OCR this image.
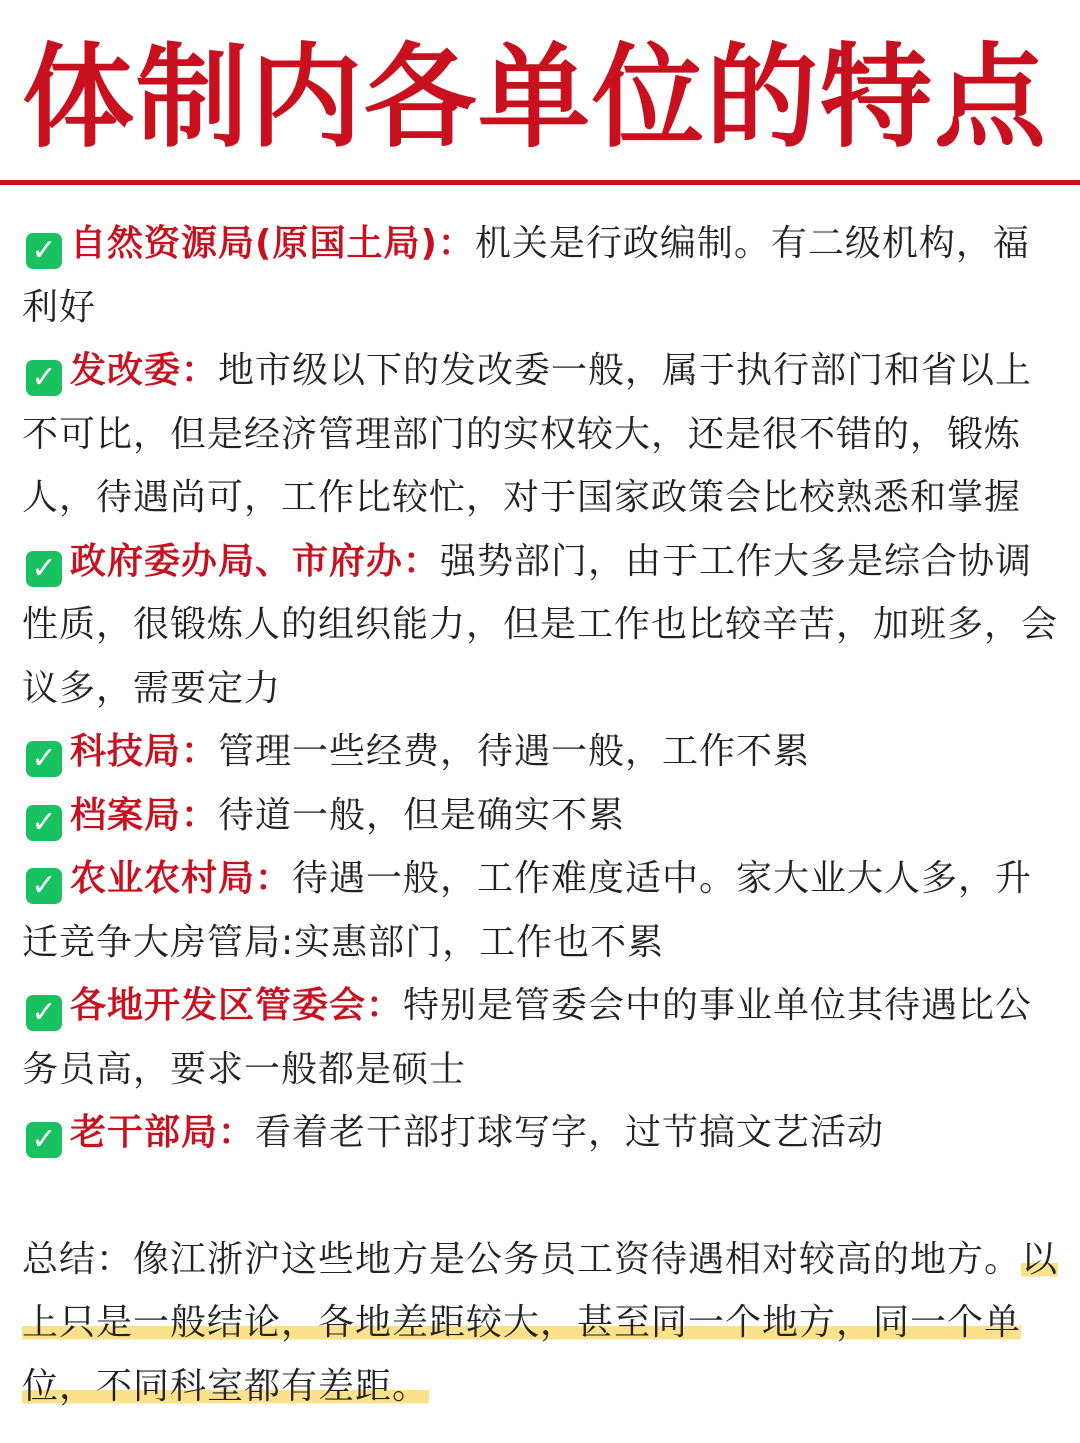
体制内各单位的特点

✓ 自然资源局(原国土局)：机关是行政编制。有二级机构，福利好

✓ 发改委：地市级以下的发改委一般，属于执行部门和省以上不可比，但是经济管理部门的实权较大，还是很不错的，锻炼人，待遇尚可，工作比较忙，对于国家政策会比校熟悉和掌握

✓ 政府委办局、市府办：强势部门，由于工作大多是综合协调性质，很锻炼人的组织能力，但是工作也比较辛苦，加班多，会议多，需要定力

✓ 科技局：管理一些经费，待遇一般，工作不累

✓ 档案局：待道一般，但是确实不累

✓ 农业农村局：待遇一般，工作难度适中。家大业大人多，升迁竞争大房管局:实惠部门，工作也不累

✓ 各地开发区管委会：特别是管委会中的事业单位其待遇比公务员高，要求一般都是硕士

✓ 老干部局：看着老干部打球写字，过节搞文艺活动

总结：像江浙沪这些地方是公务员工资待遇相对较高的地方。以上只是一般结论，各地差距较大，甚至同一个地方，同一个单位，不同科室都有差距。
